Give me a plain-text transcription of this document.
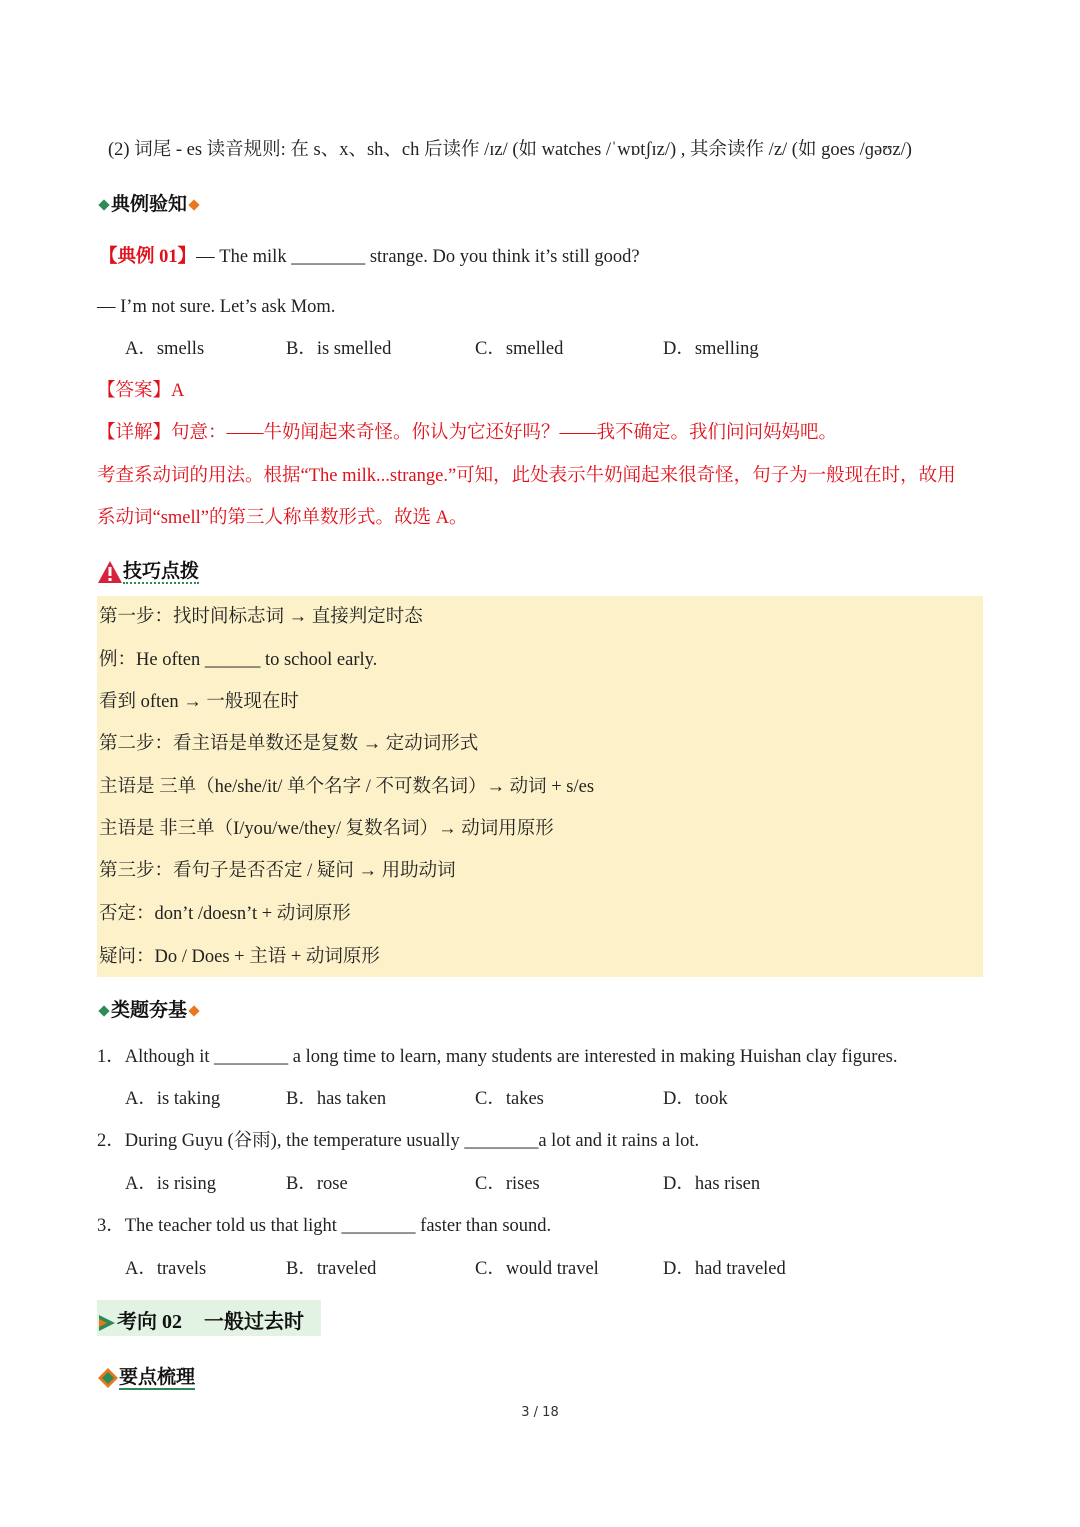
(2) 词尾 - es 读音规则: 在 s、x、sh、ch 后读作 /ɪz/ (如 watches /ˈwɒtʃɪz/) , 其余读作 /z/ (如 goes /ɡəʊz/)
典例验知
【典例 01】— The milk ________ strange. Do you think it’s still good?
— I’m not sure. Let’s ask Mom.
A．smells	B．is smelled	C．smelled	D．smelling
【答案】A
【详解】句意：——牛奶闻起来奇怪。你认为它还好吗？——我不确定。我们问问妈妈吧。
考查系动词的用法。根据“The milk...strange.”可知，此处表示牛奶闻起来很奇怪，句子为一般现在时，故用
系动词“smell”的第三人称单数形式。故选 A。
技巧点拨
第一步：找时间标志词 → 直接判定时态
例：He often ______ to school early.
看到 often → 一般现在时
第二步：看主语是单数还是复数 → 定动词形式
主语是 三单（he/she/it/ 单个名字 / 不可数名词）→ 动词 + s/es
主语是 非三单（I/you/we/they/ 复数名词）→ 动词用原形
第三步：看句子是否否定 / 疑问 → 用助动词
否定：don’t /doesn’t + 动词原形
疑问：Do / Does + 主语 + 动词原形
类题夯基
1．Although it ________ a long time to learn, many students are interested in making Huishan clay figures.
A．is taking	B．has taken	C．takes	D．took
2．During Guyu (谷雨), the temperature usually ________a lot and it rains a lot.
A．is rising	B．rose	C．rises	D．has risen
3．The teacher told us that light ________ faster than sound.
A．travels	B．traveled	C．would travel	D．had traveled
考向 02 一般过去时
要点梳理
3 / 18
